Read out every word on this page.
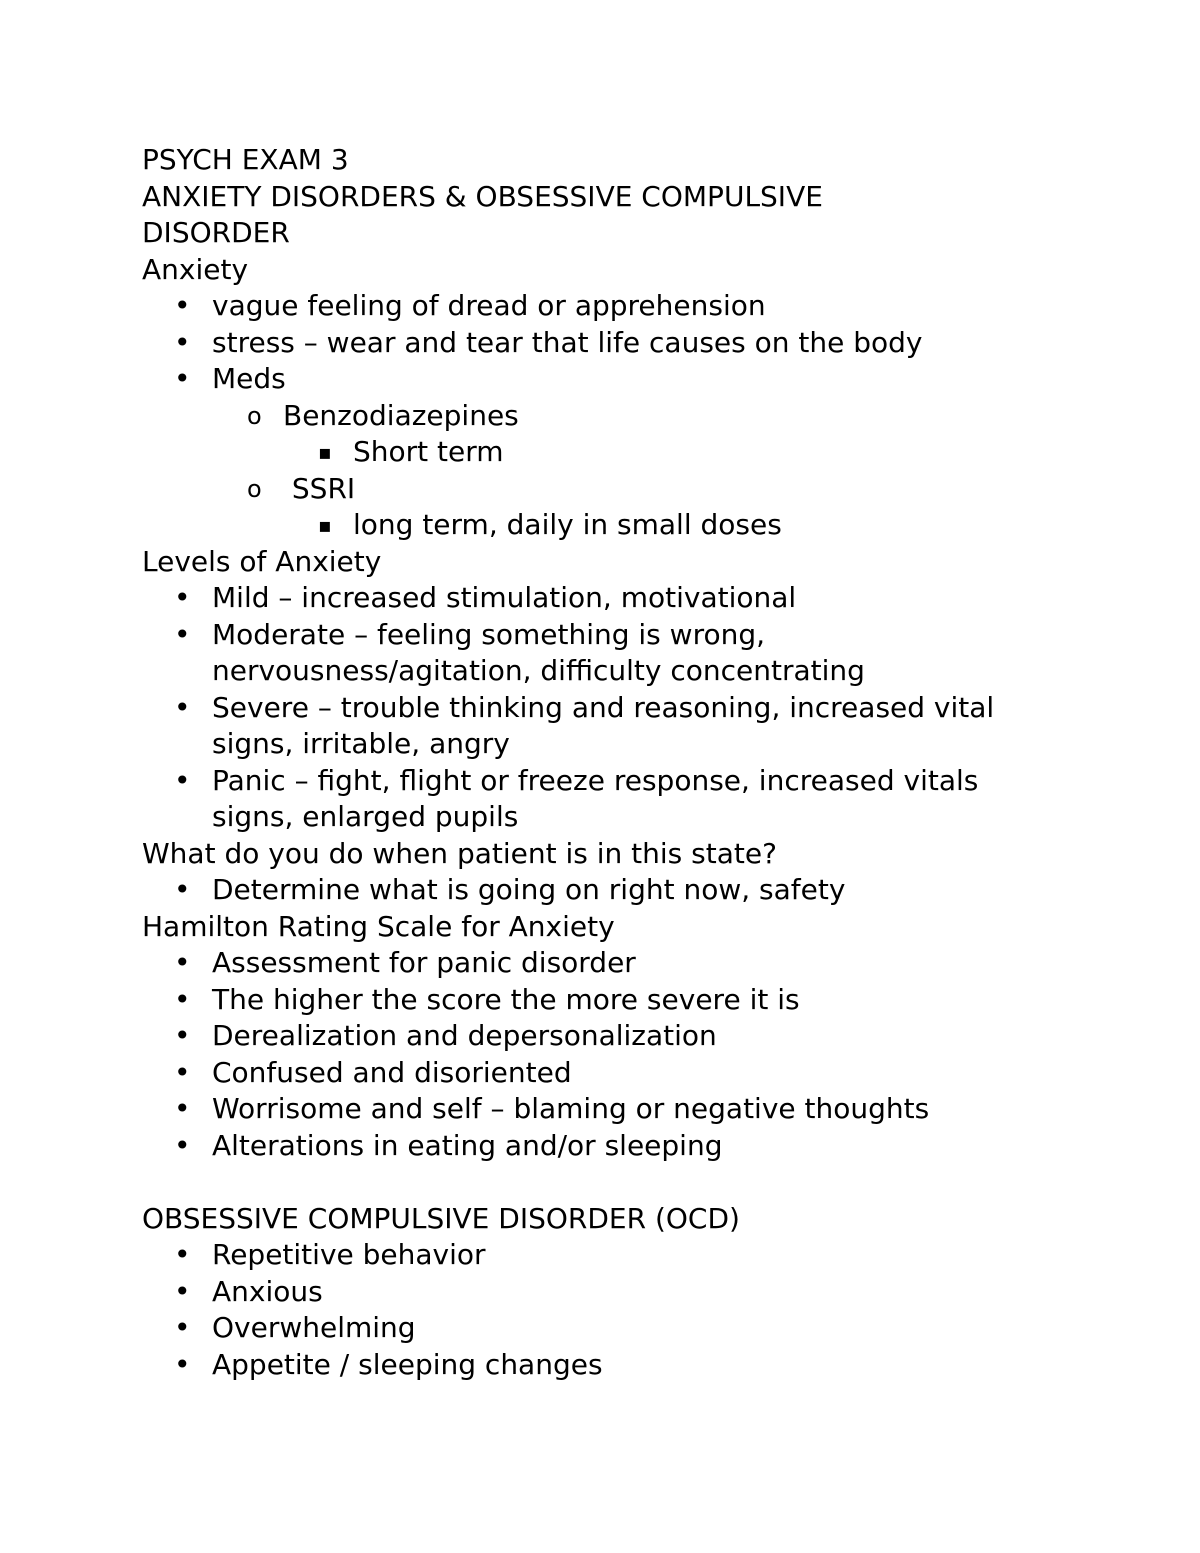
PSYCH EXAM 3
ANXIETY DISORDERS & OBSESSIVE COMPULSIVE DISORDER
Anxiety
• vague feeling of dread or apprehension
• stress – wear and tear that life causes on the body
• Meds
o Benzodiazepines
▪ Short term
o SSRI
▪ long term, daily in small doses
Levels of Anxiety
• Mild – increased stimulation, motivational
• Moderate – feeling something is wrong, nervousness/agitation, difficulty concentrating
• Severe – trouble thinking and reasoning, increased vital signs, irritable, angry
• Panic – fight, flight or freeze response, increased vitals signs, enlarged pupils
What do you do when patient is in this state?
• Determine what is going on right now, safety
Hamilton Rating Scale for Anxiety
• Assessment for panic disorder
• The higher the score the more severe it is
• Derealization and depersonalization
• Confused and disoriented
• Worrisome and self – blaming or negative thoughts
• Alterations in eating and/or sleeping
OBSESSIVE COMPULSIVE DISORDER (OCD)
• Repetitive behavior
• Anxious
• Overwhelming
• Appetite / sleeping changes
